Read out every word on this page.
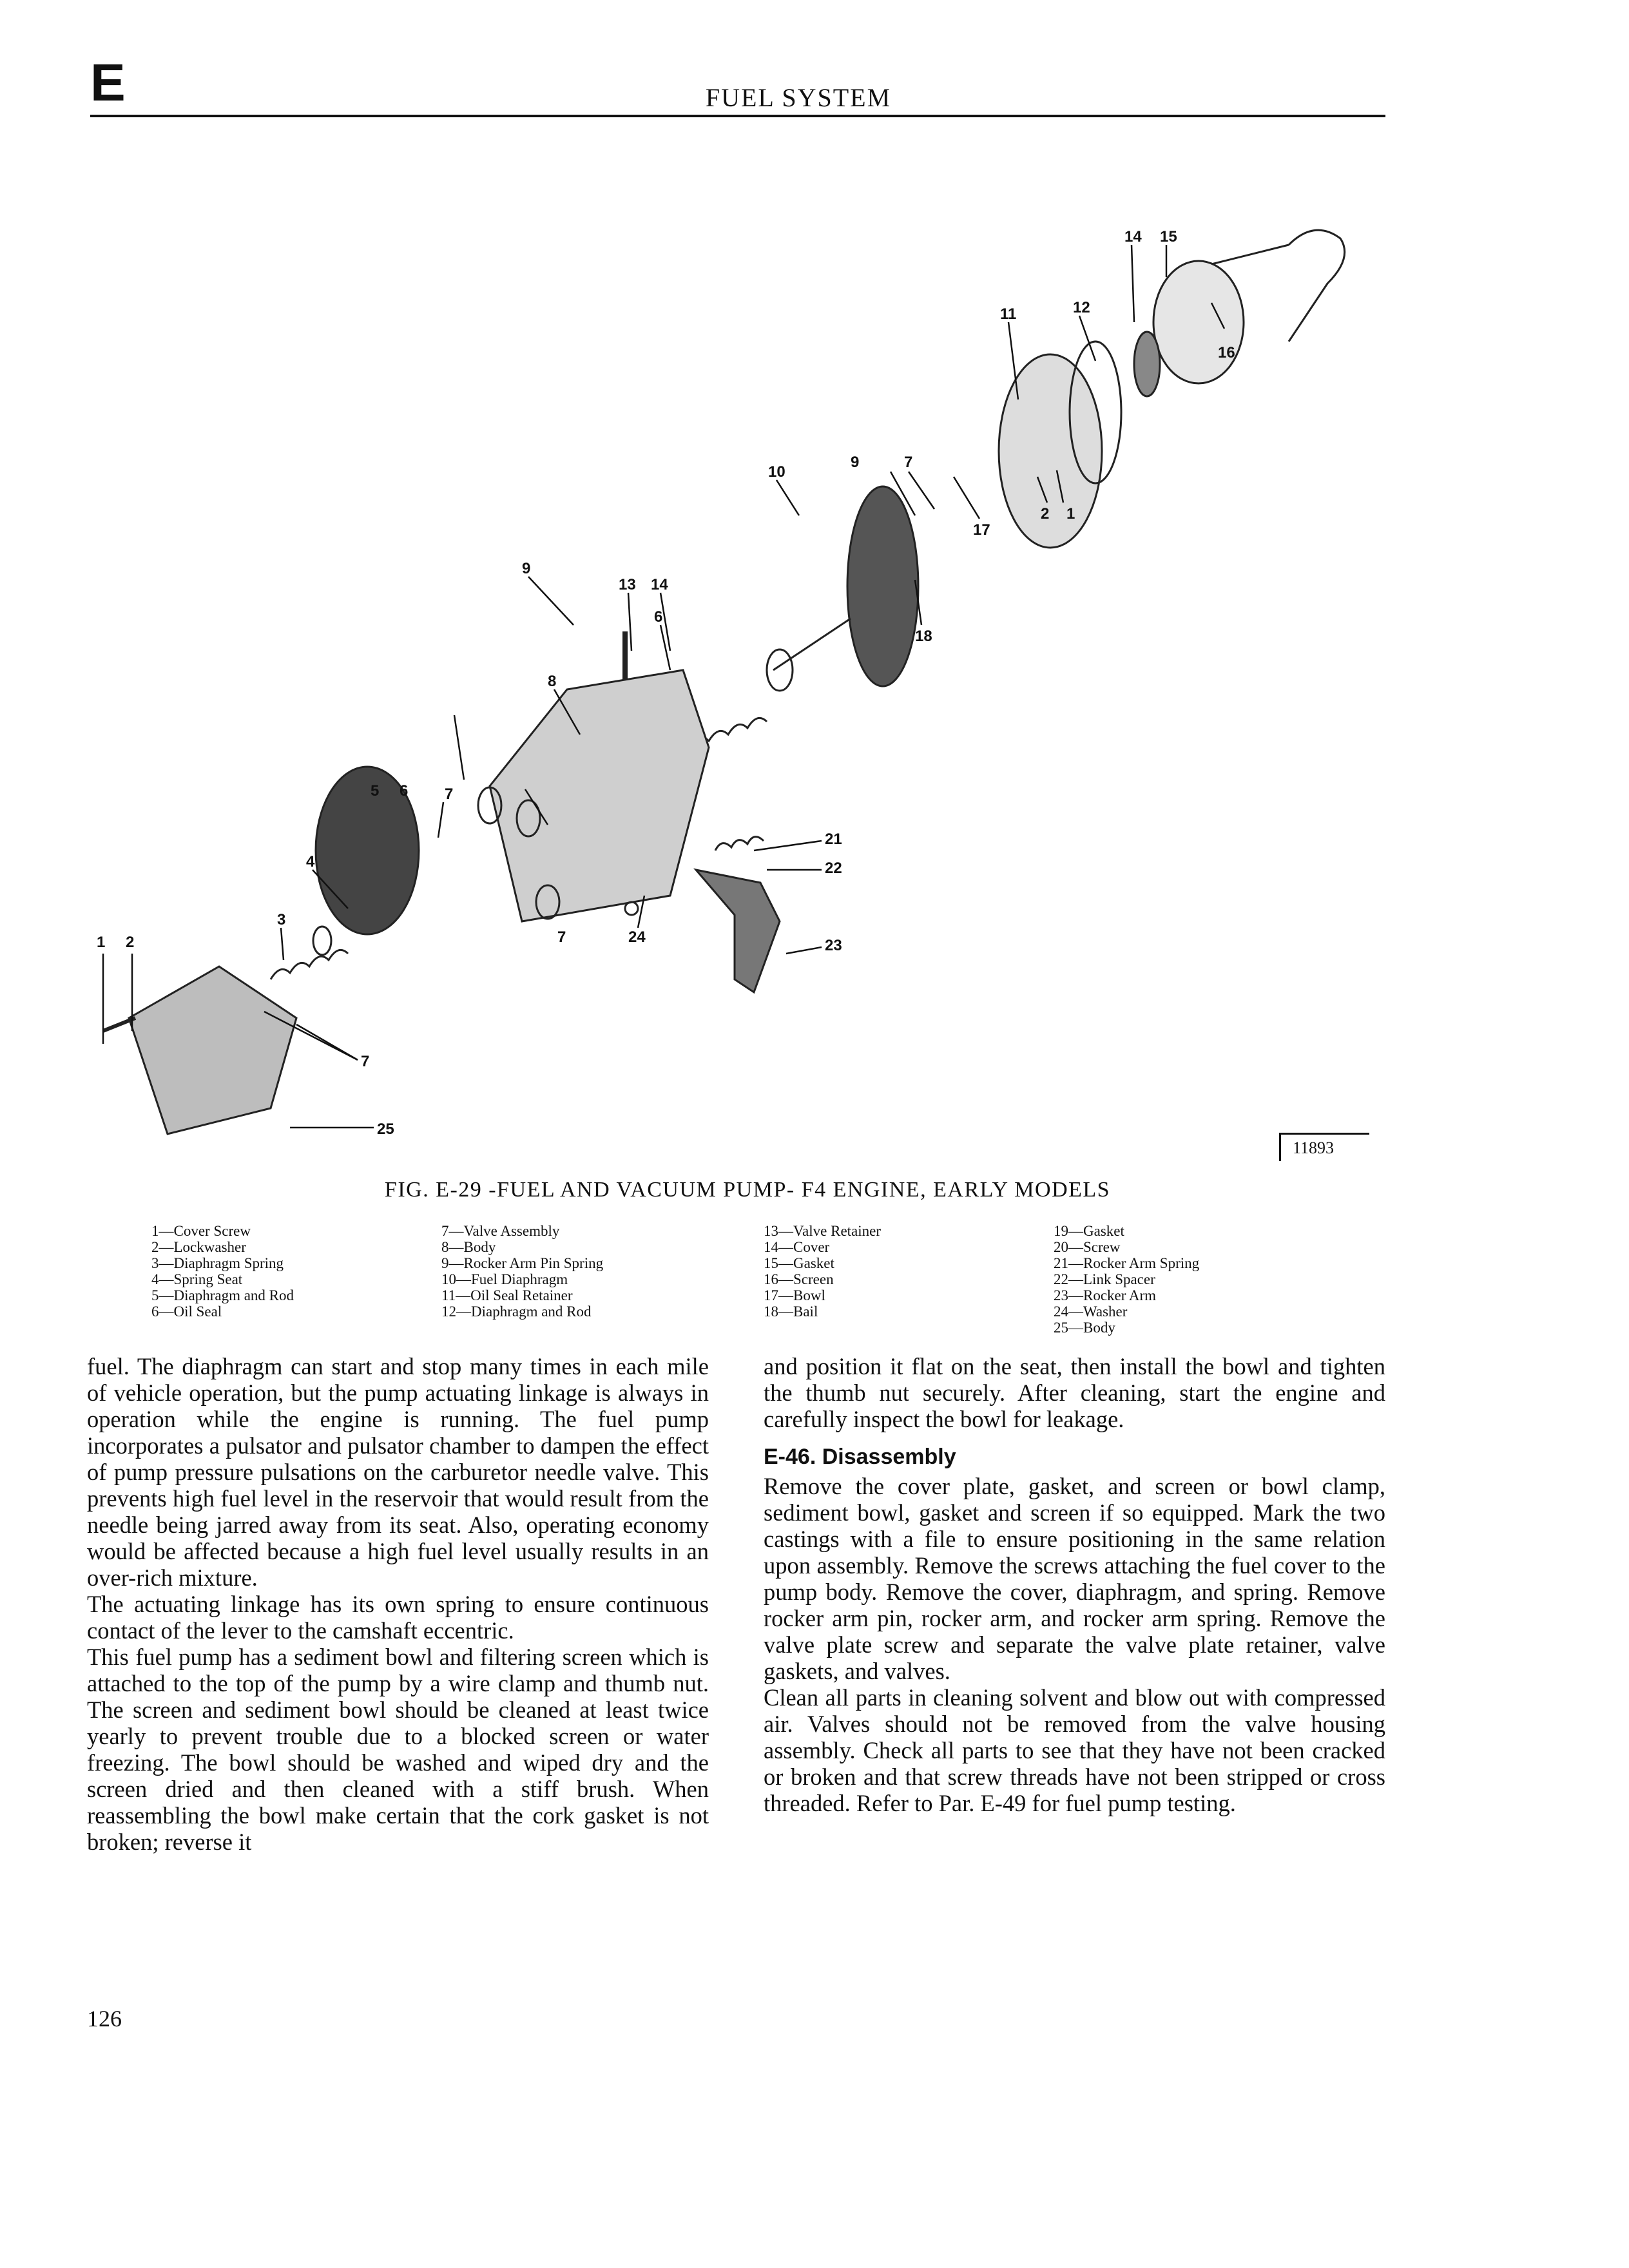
E	FUEL SYSTEM
14 15
12
11
16
10
9	7
2 1
17
18
9
13 14
6
8
7
5 6
4
3
7	24
21
22
23
1 2
7
25
11893
FIG. E-29 -FUEL AND VACUUM PUMP- F4 ENGINE, EARLY MODELS
1—Cover Screw
2—Lockwasher
3—Diaphragm Spring
4—Spring Seat
5—Diaphragm and Rod
6—Oil Seal
7—Valve Assembly
8—Body
9—Rocker Arm Pin Spring
10—Fuel Diaphragm
11—Oil Seal Retainer
12—Diaphragm and Rod
13—Valve Retainer
14—Cover
15—Gasket
16—Screen
17—Bowl
18—Bail
19—Gasket
20—Screw
21—Rocker Arm Spring
22—Link Spacer
23—Rocker Arm
24—Washer
25—Body

fuel. The diaphragm can start and stop many times in each mile of vehicle operation, but the pump actuating linkage is always in operation while the engine is running. The fuel pump incorporates a pulsator and pulsator chamber to dampen the effect of pump pressure pulsations on the carburetor needle valve. This prevents high fuel level in the reservoir that would result from the needle being jarred away from its seat. Also, operating economy would be affected because a high fuel level usually results in an over-rich mixture.

The actuating linkage has its own spring to ensure continuous contact of the lever to the camshaft eccentric.

This fuel pump has a sediment bowl and filtering screen which is attached to the top of the pump by a wire clamp and thumb nut. The screen and sediment bowl should be cleaned at least twice yearly to prevent trouble due to a blocked screen or water freezing. The bowl should be washed and wiped dry and the screen dried and then cleaned with a stiff brush. When reassembling the bowl make certain that the cork gasket is not broken; reverse it

and position it flat on the seat, then install the bowl and tighten the thumb nut securely. After cleaning, start the engine and carefully inspect the bowl for leakage.

E-46. Disassembly

Remove the cover plate, gasket, and screen or bowl clamp, sediment bowl, gasket and screen if so equipped. Mark the two castings with a file to ensure positioning in the same relation upon assembly. Remove the screws attaching the fuel cover to the pump body. Remove the cover, diaphragm, and spring. Remove rocker arm pin, rocker arm, and rocker arm spring. Remove the valve plate screw and separate the valve plate retainer, valve gaskets, and valves.

Clean all parts in cleaning solvent and blow out with compressed air. Valves should not be removed from the valve housing assembly. Check all parts to see that they have not been cracked or broken and that screw threads have not been stripped or cross threaded. Refer to Par. E-49 for fuel pump testing.

126
